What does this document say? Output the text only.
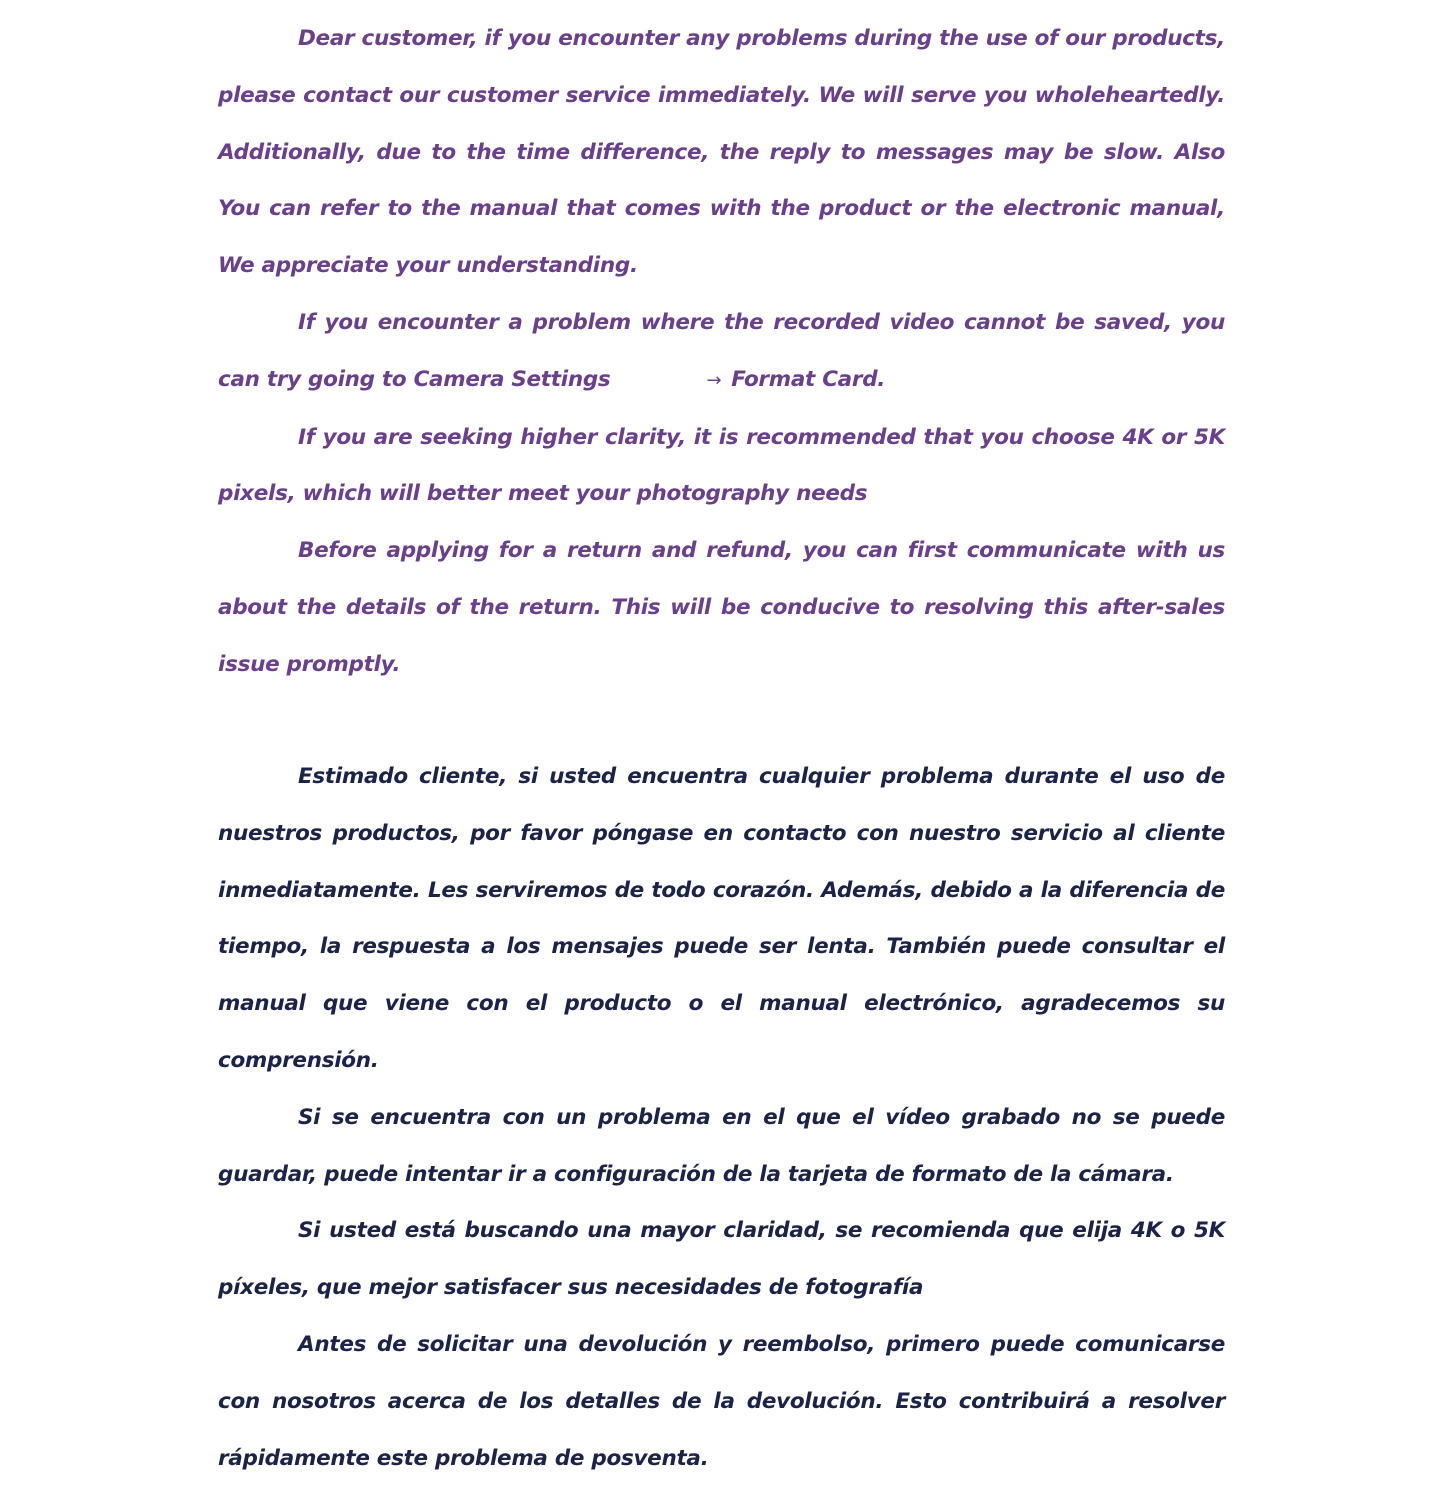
Dear customer, if you encounter any problems during the use of our products, please contact our customer service immediately. We will serve you wholeheartedly. Additionally, due to the time difference, the reply to messages may be slow. Also You can refer to the manual that comes with the product or the electronic manual, We appreciate your understanding.

If you encounter a problem where the recorded video cannot be saved, you can try going to Camera Settings	→ Format Card.

If you are seeking higher clarity, it is recommended that you choose 4K or 5K pixels, which will better meet your photography needs

Before applying for a return and refund, you can first communicate with us about the details of the return. This will be conducive to resolving this after-sales issue promptly.

Estimado cliente, si usted encuentra cualquier problema durante el uso de nuestros productos, por favor póngase en contacto con nuestro servicio al cliente inmediatamente. Les serviremos de todo corazón. Además, debido a la diferencia de tiempo, la respuesta a los mensajes puede ser lenta. También puede consultar el manual que viene con el producto o el manual electrónico, agradecemos su comprensión.

Si se encuentra con un problema en el que el vídeo grabado no se puede guardar, puede intentar ir a configuración de la tarjeta de formato de la cámara.

Si usted está buscando una mayor claridad, se recomienda que elija 4K o 5K píxeles, que mejor satisfacer sus necesidades de fotografía

Antes de solicitar una devolución y reembolso, primero puede comunicarse con nosotros acerca de los detalles de la devolución. Esto contribuirá a resolver rápidamente este problema de posventa.
